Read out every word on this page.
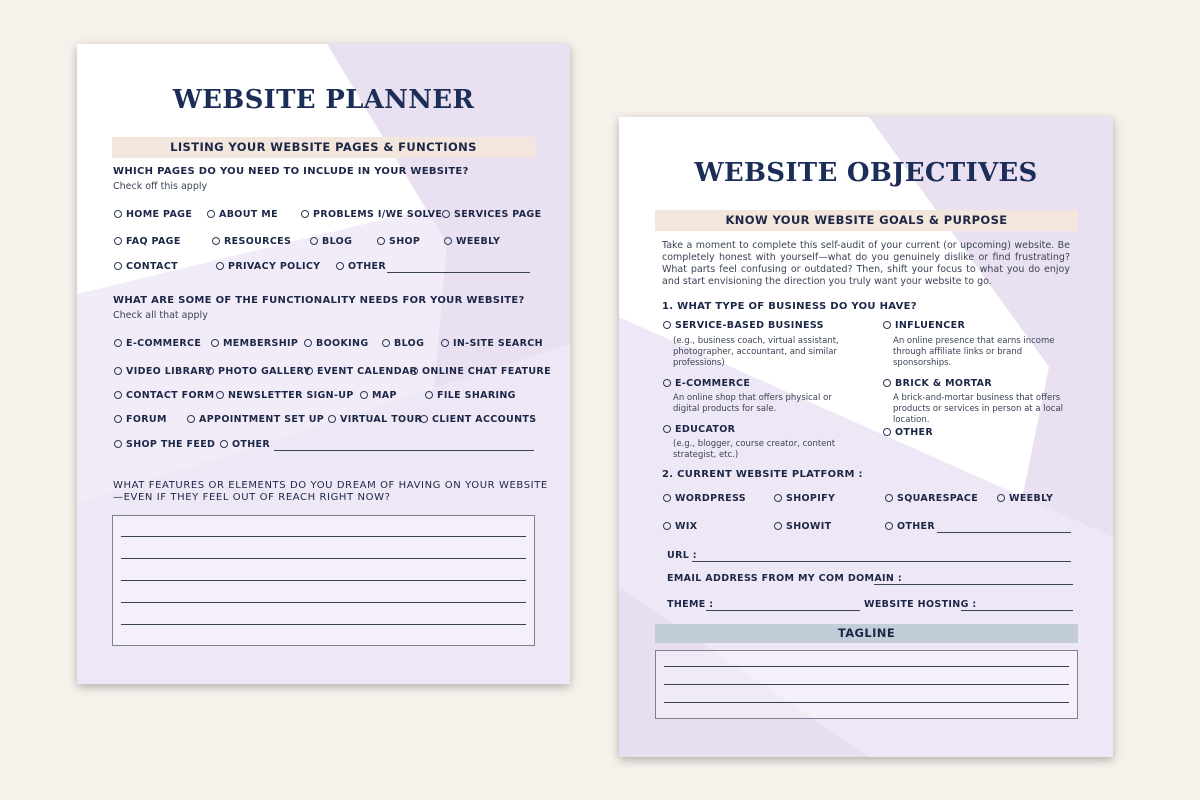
WEBSITE PLANNER
LISTING YOUR WEBSITE PAGES & FUNCTIONS
WHICH PAGES DO YOU NEED TO INCLUDE IN YOUR WEBSITE?
Check off this apply
HOME PAGE	ABOUT ME	PROBLEMS I/WE SOLVE	SERVICES PAGE
FAQ PAGE	RESOURCES	BLOG	SHOP	WEEBLY
CONTACT	PRIVACY POLICY	OTHER
WHAT ARE SOME OF THE FUNCTIONALITY NEEDS FOR YOUR WEBSITE?
Check all that apply
E-COMMERCE	MEMBERSHIP	BOOKING	BLOG	IN-SITE SEARCH
VIDEO LIBRARY PHOTO GALLERY EVENT CALENDAR ONLINE CHAT FEATURE
CONTACT FORM	NEWSLETTER SIGN-UP	MAP	FILE SHARING
FORUM	APPOINTMENT SET UP	VIRTUAL TOUR	CLIENT ACCOUNTS
SHOP THE FEED	OTHER
WHAT FEATURES OR ELEMENTS DO YOU DREAM OF HAVING ON YOUR WEBSITE
—EVEN IF THEY FEEL OUT OF REACH RIGHT NOW?
WEBSITE OBJECTIVES
KNOW YOUR WEBSITE GOALS & PURPOSE
Take a moment to complete this self-audit of your current (or upcoming) website. Be completely honest with yourself—what do you genuinely dislike or find frustrating? What parts feel confusing or outdated? Then, shift your focus to what you do enjoy and start envisioning the direction you truly want your website to go.
1. WHAT TYPE OF BUSINESS DO YOU HAVE?
SERVICE-BASED BUSINESS
(e.g., business coach, virtual assistant, photographer, accountant, and similar professions)
E-COMMERCE
An online shop that offers physical or digital products for sale.
EDUCATOR
(e.g., blogger, course creator, content strategist, etc.)
INFLUENCER
An online presence that earns income through affiliate links or brand sponsorships.
BRICK & MORTAR
A brick-and-mortar business that offers products or services in person at a local location.
OTHER
2. CURRENT WEBSITE PLATFORM :
WORDPRESS	SHOPIFY	SQUARESPACE	WEEBLY
WIX	SHOWIT	OTHER
URL :
EMAIL ADDRESS FROM MY COM DOMAIN :
THEME :	WEBSITE HOSTING :
TAGLINE
